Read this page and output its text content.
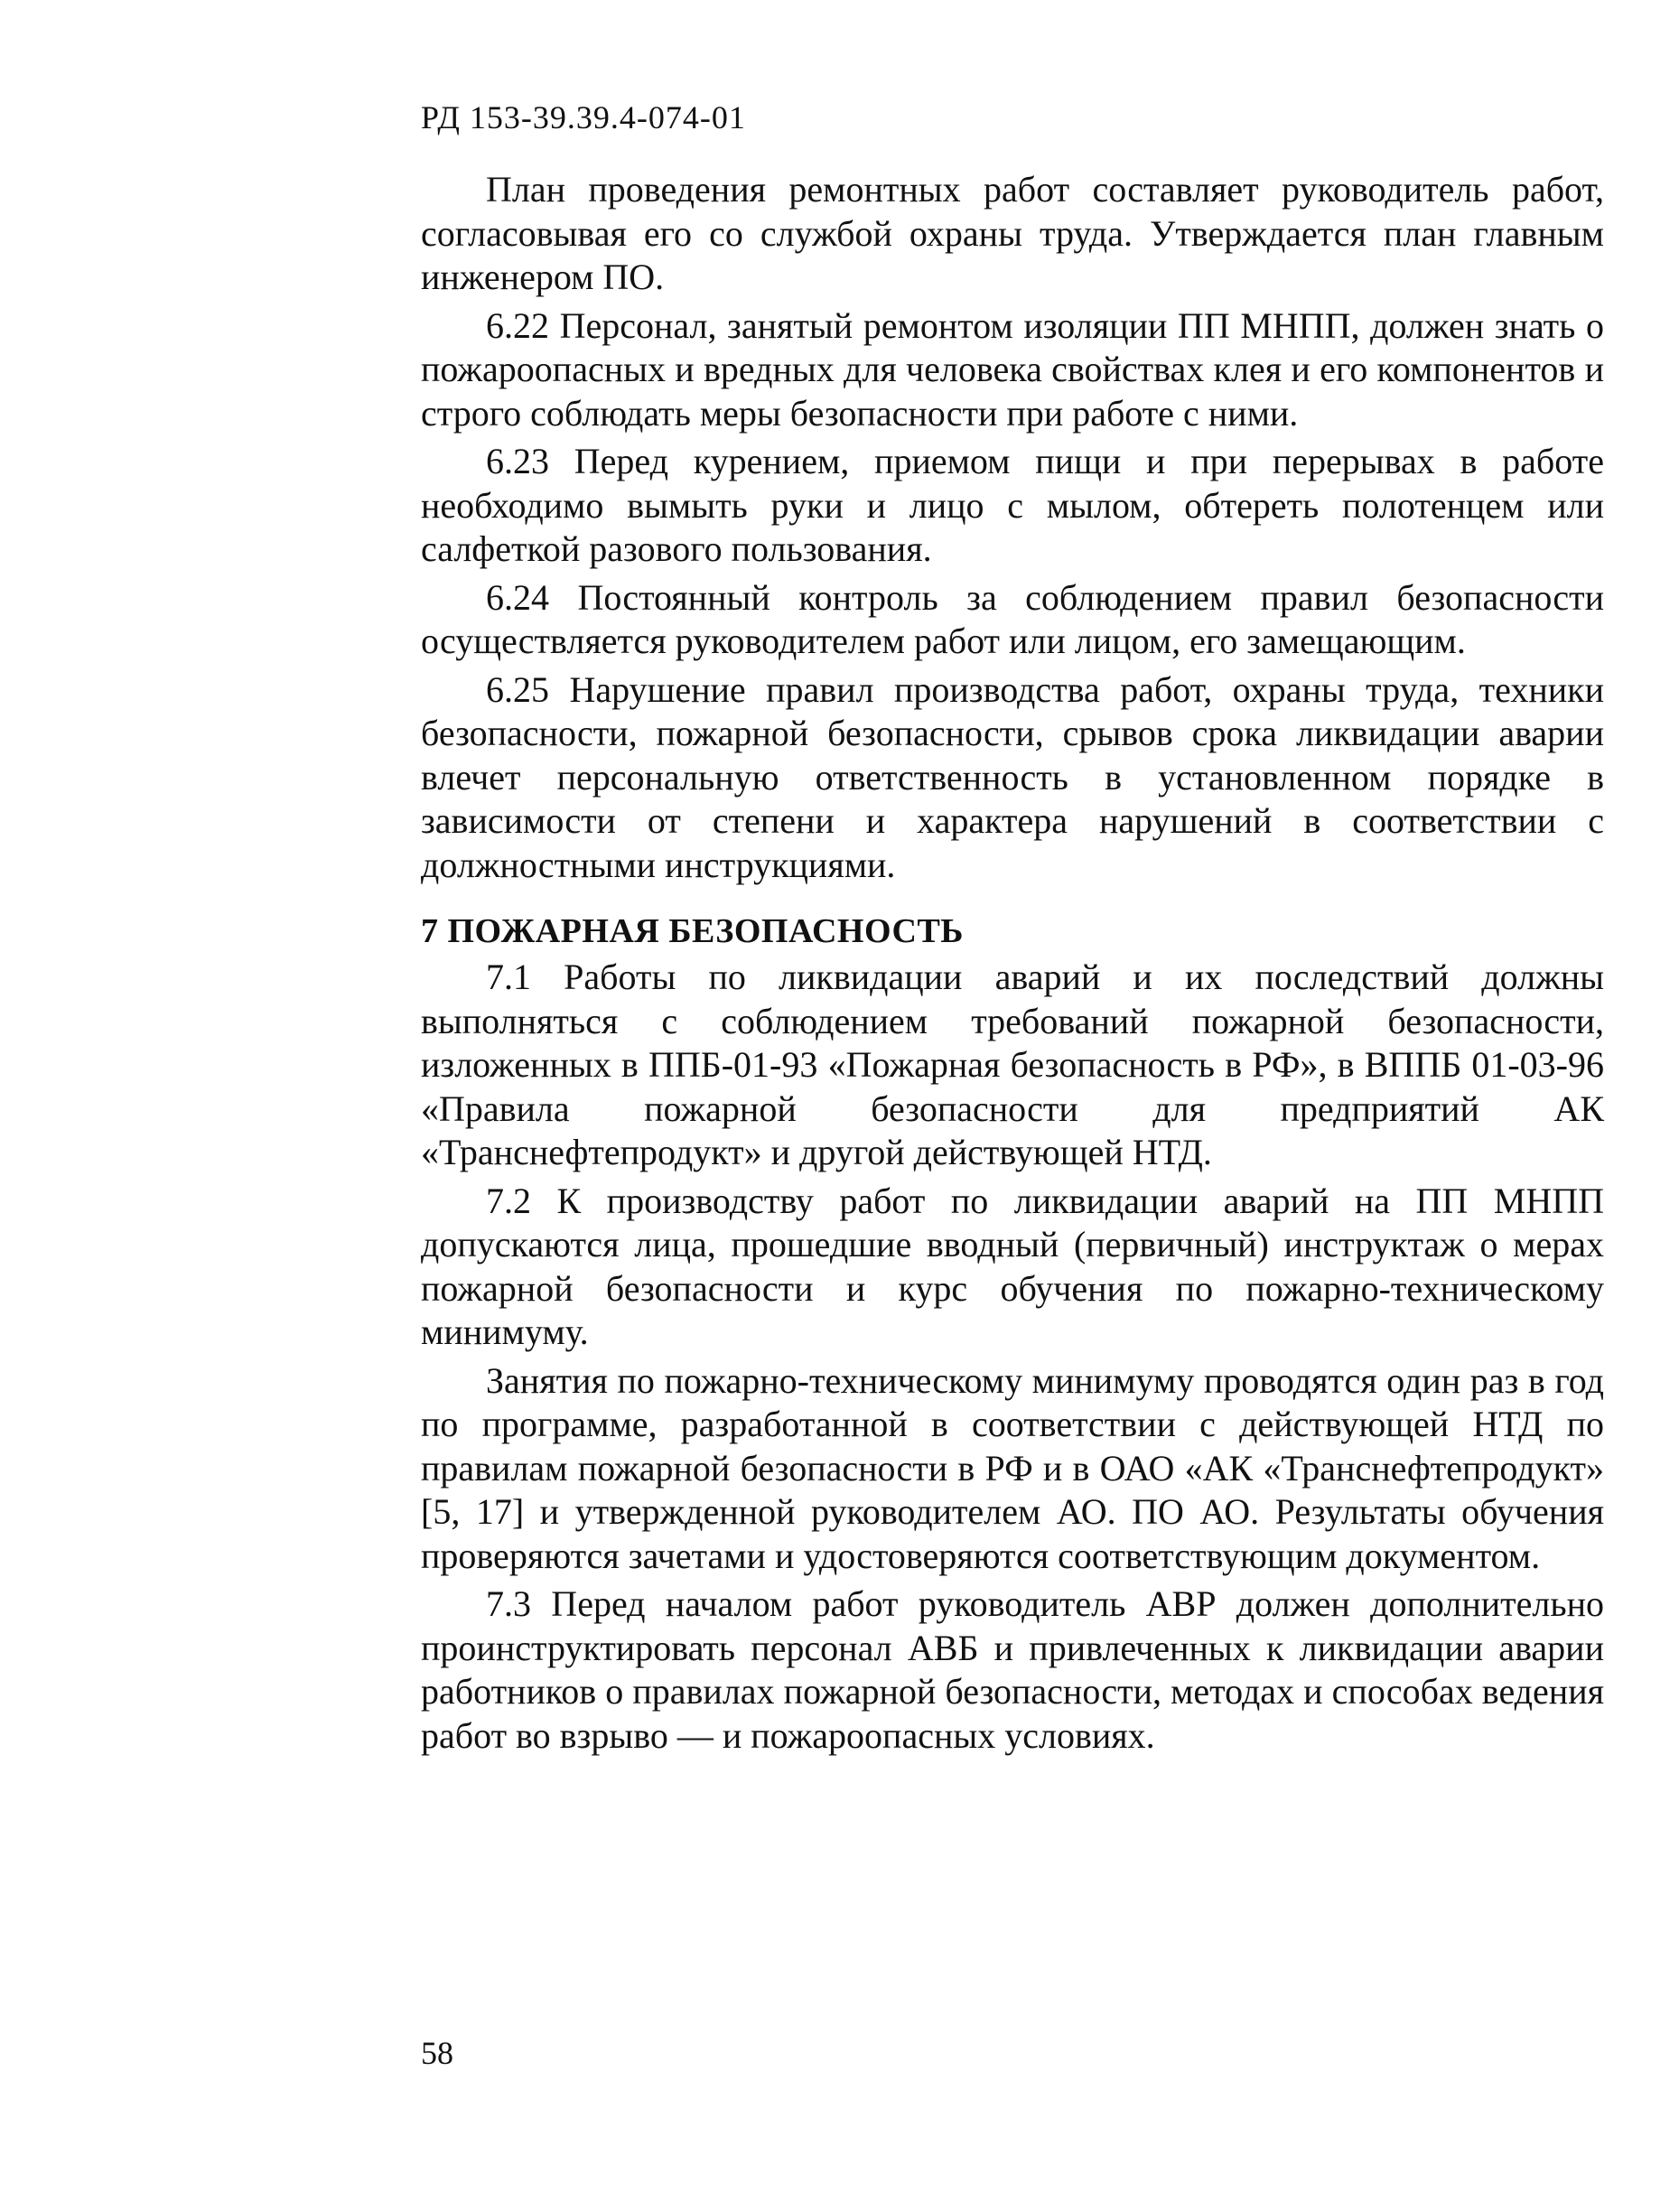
РД 153-39.39.4-074-01

План проведения ремонтных работ составляет руководитель работ, согласовывая его со службой охраны труда. Утверждается план главным инженером ПО.

6.22 Персонал, занятый ремонтом изоляции ПП МНПП, должен знать о пожароопасных и вредных для человека свойствах клея и его компонентов и строго соблюдать меры безопасности при работе с ними.

6.23 Перед курением, приемом пищи и при перерывах в работе необходимо вымыть руки и лицо с мылом, обтереть полотенцем или салфеткой разового пользования.

6.24 Постоянный контроль за соблюдением правил безопасности осуществляется руководителем работ или лицом, его замещающим.

6.25 Нарушение правил производства работ, охраны труда, техники безопасности, пожарной безопасности, срывов срока ликвидации аварии влечет персональную ответственность в установленном порядке в зависимости от степени и характера нарушений в соответствии с должностными инструкциями.

7 ПОЖАРНАЯ БЕЗОПАСНОСТЬ

7.1 Работы по ликвидации аварий и их последствий должны выполняться с соблюдением требований пожарной безопасности, изложенных в ППБ-01-93 «Пожарная безопасность в РФ», в ВППБ 01-03-96 «Правила пожарной безопасности для предприятий АК «Транснефтепродукт» и другой действующей НТД.

7.2 К производству работ по ликвидации аварий на ПП МНПП допускаются лица, прошедшие вводный (первичный) инструктаж о мерах пожарной безопасности и курс обучения по пожарно-техническому минимуму.

Занятия по пожарно-техническому минимуму проводятся один раз в год по программе, разработанной в соответствии с действующей НТД по правилам пожарной безопасности в РФ и в ОАО «АК «Транснефтепродукт» [5, 17] и утвержденной руководителем АО. ПО АО. Результаты обучения проверяются зачетами и удостоверяются соответствующим документом.

7.3 Перед началом работ руководитель АВР должен дополнительно проинструктировать персонал АВБ и привлеченных к ликвидации аварии работников о правилах пожарной безопасности, методах и способах ведения работ во взрыво — и пожароопасных условиях.

58
